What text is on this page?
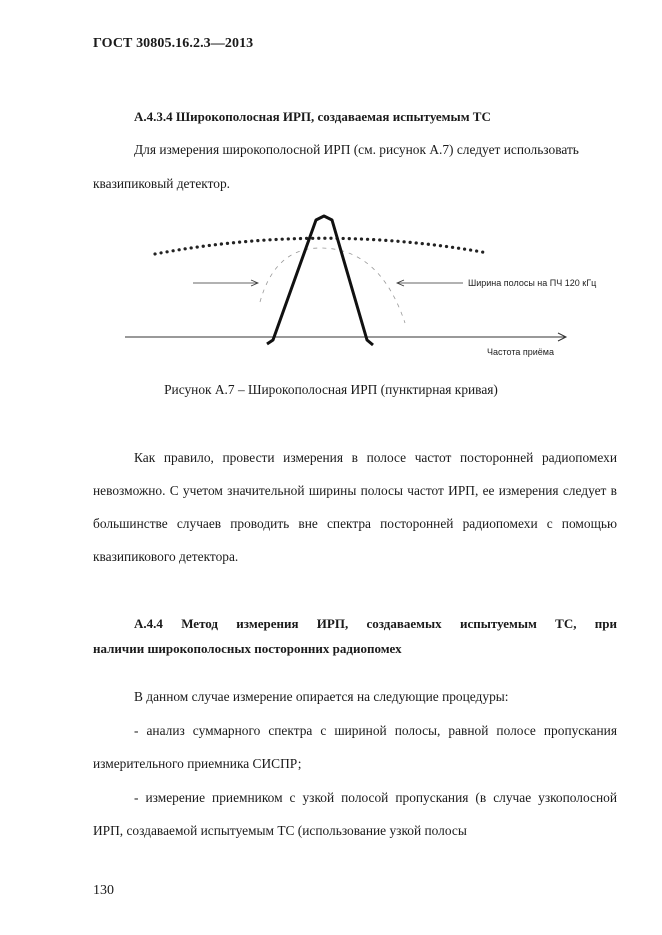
ГОСТ 30805.16.2.3—2013
А.4.3.4 Широкополосная ИРП, создаваемая испытуемым ТС
Для измерения широкополосной ИРП (см. рисунок А.7) следует использовать
квазипиковый детектор.
Ширина полосы на ПЧ 120 кГц
Частота приёма
Рисунок А.7 – Широкополосная ИРП (пунктирная кривая)

Как правило, провести измерения в полосе частот посторонней радиопомехи невозможно. С учетом значительной ширины полосы частот ИРП, ее измерения следует в большинстве случаев проводить вне спектра посторонней радиопомехи с помощью квазипикового детектора.

А.4.4 Метод измерения ИРП, создаваемых испытуемым ТС, при
наличии широкополосных посторонних радиопомех
В данном случае измерение опирается на следующие процедуры:

- анализ суммарного спектра с шириной полосы, равной полосе пропускания измерительного приемника СИСПР;

- измерение приемником с узкой полосой пропускания (в случае узкополосной ИРП, создаваемой испытуемым ТС (использование узкой полосы

130
